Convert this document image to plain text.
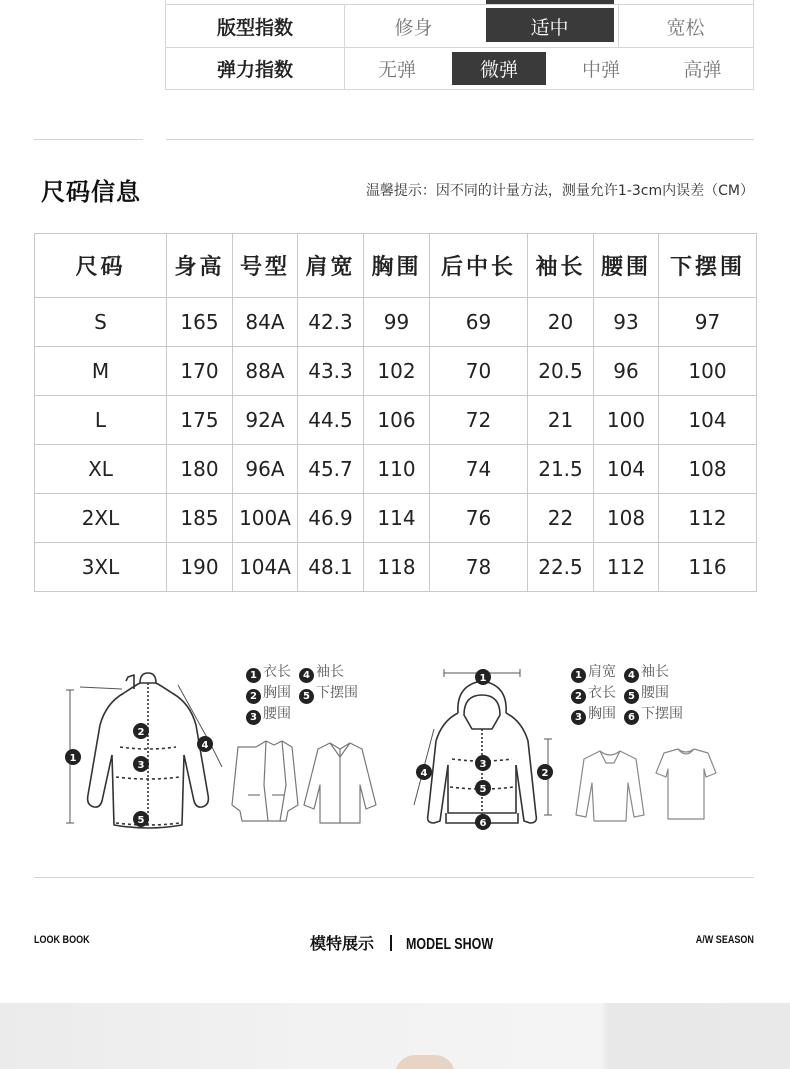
版型指数	修身	适中	宽松
弹力指数	无弹	微弹	中弹	高弹
尺码信息	温馨提示：因不同的计量方法，测量允许1-3cm内误差（CM）
尺码	身高	号型	肩宽	胸围	后中长	袖长	腰围	下摆围
S	165	84A	42.3	99	69	20	93	97
M	170	88A	43.3	102	70	20.5	96	100
L	175	92A	44.5	106	72	21	100	104
XL	180	96A	45.7	110	74	21.5	104	108
2XL	185	100A	46.9	114	76	22	108	112
3XL	190	104A	48.1	118	78	22.5	112	116
1
2
3
4
5
1
2
3
4
5
6
1 衣长 4 袖长
2 胸围 5 下摆围
3 腰围
1 肩宽 4 袖长
2 衣长 5 腰围
3 胸围 6 下摆围
LOOK BOOK	模特展示 MODEL SHOW	A/W SEASON
